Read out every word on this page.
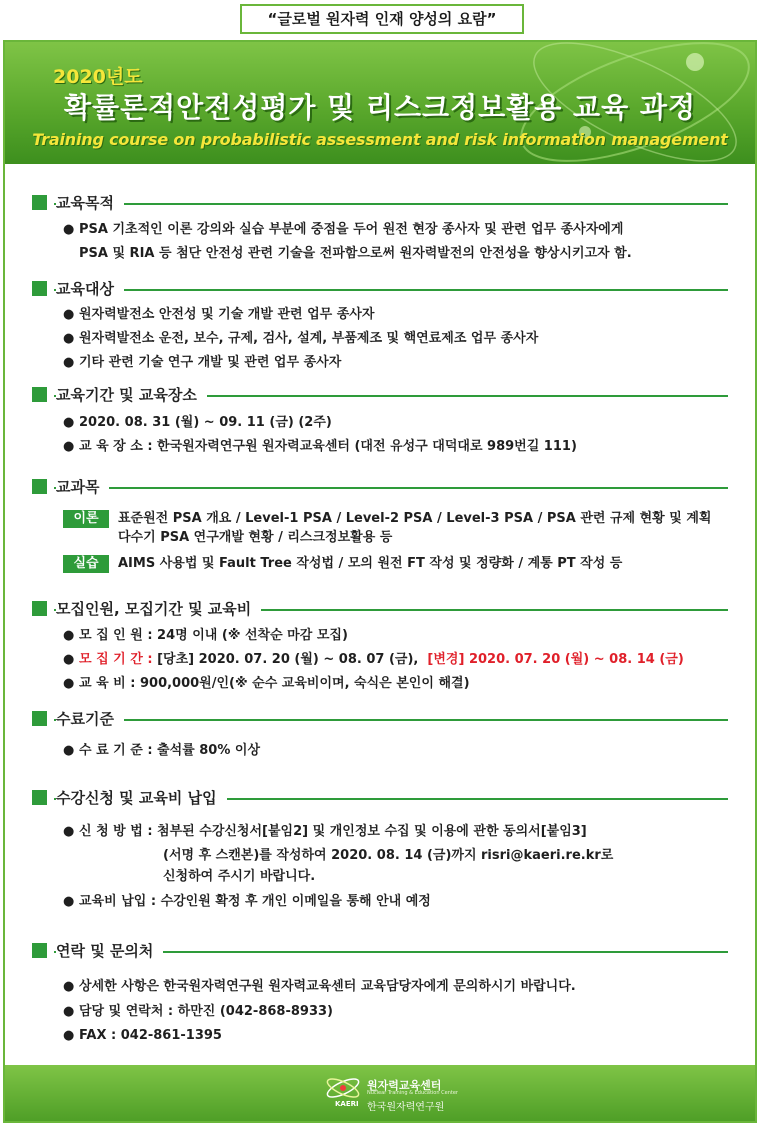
“글로벌 원자력 인재 양성의 요람”
2020년도
확률론적안전성평가 및 리스크정보활용 교육 과정
Training course on probabilistic assessment and risk information management
교육목적
● PSA 기초적인 이론 강의와 실습 부분에 중점을 두어 원전 현장 종사자 및 관련 업무 종사자에게
PSA 및 RIA 등 첨단 안전성 관련 기술을 전파함으로써 원자력발전의 안전성을 향상시키고자 함.
교육대상
● 원자력발전소 안전성 및 기술 개발 관련 업무 종사자
● 원자력발전소 운전, 보수, 규제, 검사, 설계, 부품제조 및 핵연료제조 업무 종사자
● 기타 관련 기술 연구 개발 및 관련 업무 종사자
교육기간 및 교육장소
● 2020. 08. 31 (월) ~ 09. 11 (금) (2주)
● 교 육 장 소 : 한국원자력연구원 원자력교육센터 (대전 유성구 대덕대로 989번길 111)
교과목
이론	표준원전 PSA 개요 / Level-1 PSA / Level-2 PSA / Level-3 PSA / PSA 관련 규제 현황 및 계획
다수기 PSA 연구개발 현황 / 리스크정보활용 등
실습	AIMS 사용법 및 Fault Tree 작성법 / 모의 원전 FT 작성 및 정량화 / 계통 PT 작성 등
모집인원, 모집기간 및 교육비
● 모 집 인 원 : 24명 이내 (※ 선착순 마감 모집)
● 모 집 기 간 : [당초] 2020. 07. 20 (월) ~ 08. 07 (금), [변경] 2020. 07. 20 (월) ~ 08. 14 (금)
● 교 육 비 : 900,000원/인(※ 순수 교육비이며, 숙식은 본인이 해결)
수료기준
● 수 료 기 준 : 출석률 80% 이상
수강신청 및 교육비 납입
● 신 청 방 법 : 첨부된 수강신청서[붙임2] 및 개인정보 수집 및 이용에 관한 동의서[붙임3]
(서명 후 스캔본)를 작성하여 2020. 08. 14 (금)까지 risri@kaeri.re.kr로
신청하여 주시기 바랍니다.
● 교육비 납입 : 수강인원 확정 후 개인 이메일을 통해 안내 예정
연락 및 문의처
● 상세한 사항은 한국원자력연구원 원자력교육센터 교육담당자에게 문의하시기 바랍니다.
● 담당 및 연락처 : 하만진 (042-868-8933)
● FAX : 042-861-1395
KAERI
원자력교육센터
Nuclear Training & Education Center
한국원자력연구원
